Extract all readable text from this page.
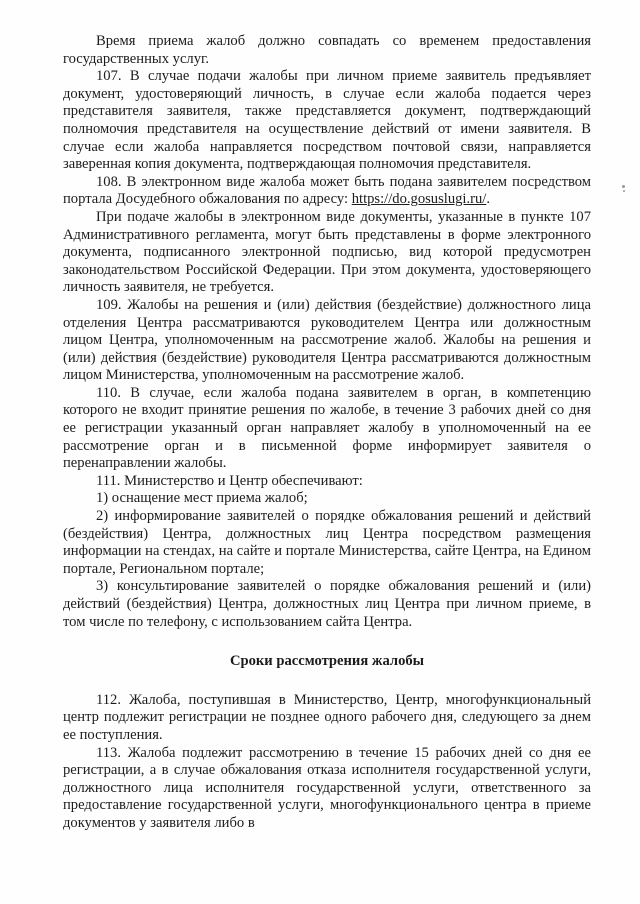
Время приема жалоб должно совпадать со временем предоставления государственных услуг.

107. В случае подачи жалобы при личном приеме заявитель предъявляет документ, удостоверяющий личность, в случае если жалоба подается через представителя заявителя, также представляется документ, подтверждающий полномочия представителя на осуществление действий от имени заявителя. В случае если жалоба направляется посредством почтовой связи, направляется заверенная копия документа, подтверждающая полномочия представителя.

108. В электронном виде жалоба может быть подана заявителем посредством портала Досудебного обжалования по адресу: https://do.gosuslugi.ru/.

При подаче жалобы в электронном виде документы, указанные в пункте 107 Административного регламента, могут быть представлены в форме электронного документа, подписанного электронной подписью, вид которой предусмотрен законодательством Российской Федерации. При этом документа, удостоверяющего личность заявителя, не требуется.

109. Жалобы на решения и (или) действия (бездействие) должностного лица отделения Центра рассматриваются руководителем Центра или должностным лицом Центра, уполномоченным на рассмотрение жалоб. Жалобы на решения и (или) действия (бездействие) руководителя Центра рассматриваются должностным лицом Министерства, уполномоченным на рассмотрение жалоб.

110. В случае, если жалоба подана заявителем в орган, в компетенцию которого не входит принятие решения по жалобе, в течение 3 рабочих дней со дня ее регистрации указанный орган направляет жалобу в уполномоченный на ее рассмотрение орган и в письменной форме информирует заявителя о перенаправлении жалобы.

111. Министерство и Центр обеспечивают:

1) оснащение мест приема жалоб;

2) информирование заявителей о порядке обжалования решений и действий (бездействия) Центра, должностных лиц Центра посредством размещения информации на стендах, на сайте и портале Министерства, сайте Центра, на Едином портале, Региональном портале;

3) консультирование заявителей о порядке обжалования решений и (или) действий (бездействия) Центра, должностных лиц Центра при личном приеме, в том числе по телефону, с использованием сайта Центра.

Сроки рассмотрения жалобы

112. Жалоба, поступившая в Министерство, Центр, многофункциональный центр подлежит регистрации не позднее одного рабочего дня, следующего за днем ее поступления.

113. Жалоба подлежит рассмотрению в течение 15 рабочих дней со дня ее регистрации, а в случае обжалования отказа исполнителя государственной услуги, должностного лица исполнителя государственной услуги, ответственного за предоставление государственной услуги, многофункционального центра в приеме документов у заявителя либо в
